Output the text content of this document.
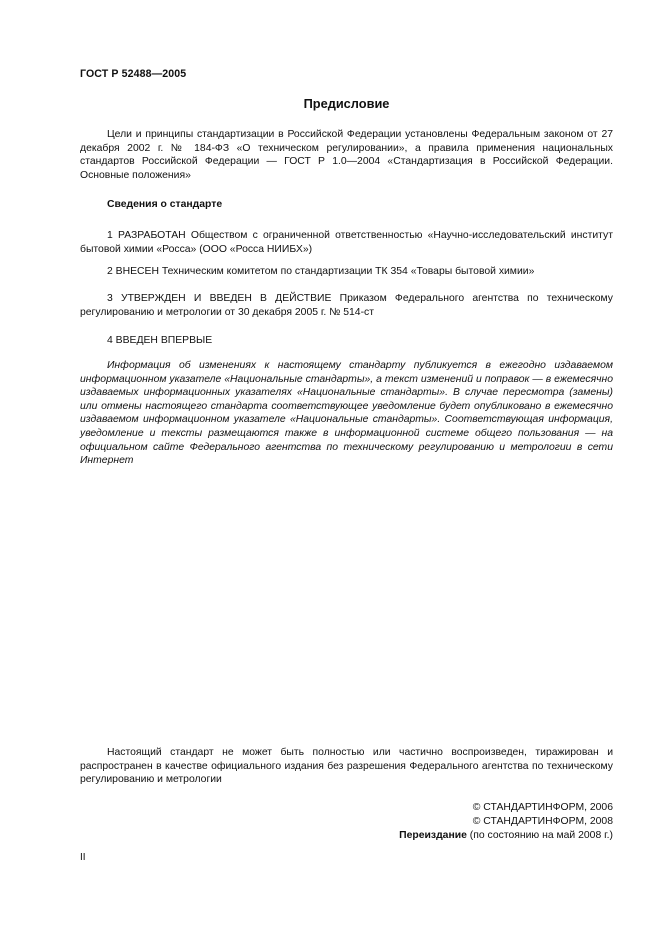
ГОСТ Р 52488—2005
Предисловие
Цели и принципы стандартизации в Российской Федерации установлены Федеральным законом от 27 декабря 2002 г. № 184-ФЗ «О техническом регулировании», а правила применения национальных стандартов Российской Федерации — ГОСТ Р 1.0—2004 «Стандартизация в Российской Федерации. Основные положения»
Сведения о стандарте
1 РАЗРАБОТАН Обществом с ограниченной ответственностью «Научно-исследовательский институт бытовой химии «Росса» (ООО «Росса НИИБХ»)
2 ВНЕСЕН Техническим комитетом по стандартизации ТК 354 «Товары бытовой химии»
3 УТВЕРЖДЕН И ВВЕДЕН В ДЕЙСТВИЕ Приказом Федерального агентства по техническому регулированию и метрологии от 30 декабря 2005 г. № 514-ст
4 ВВЕДЕН ВПЕРВЫЕ
Информация об изменениях к настоящему стандарту публикуется в ежегодно издаваемом информационном указателе «Национальные стандарты», а текст изменений и поправок — в ежемесячно издаваемых информационных указателях «Национальные стандарты». В случае пересмотра (замены) или отмены настоящего стандарта соответствующее уведомление будет опубликовано в ежемесячно издаваемом информационном указателе «Национальные стандарты». Соответствующая информация, уведомление и тексты размещаются также в информационной системе общего пользования — на официальном сайте Федерального агентства по техническому регулированию и метрологии в сети Интернет
Настоящий стандарт не может быть полностью или частично воспроизведен, тиражирован и распространен в качестве официального издания без разрешения Федерального агентства по техническому регулированию и метрологии
© СТАНДАРТИНФОРМ, 2006
© СТАНДАРТИНФОРМ, 2008
Переиздание (по состоянию на май 2008 г.)
II
